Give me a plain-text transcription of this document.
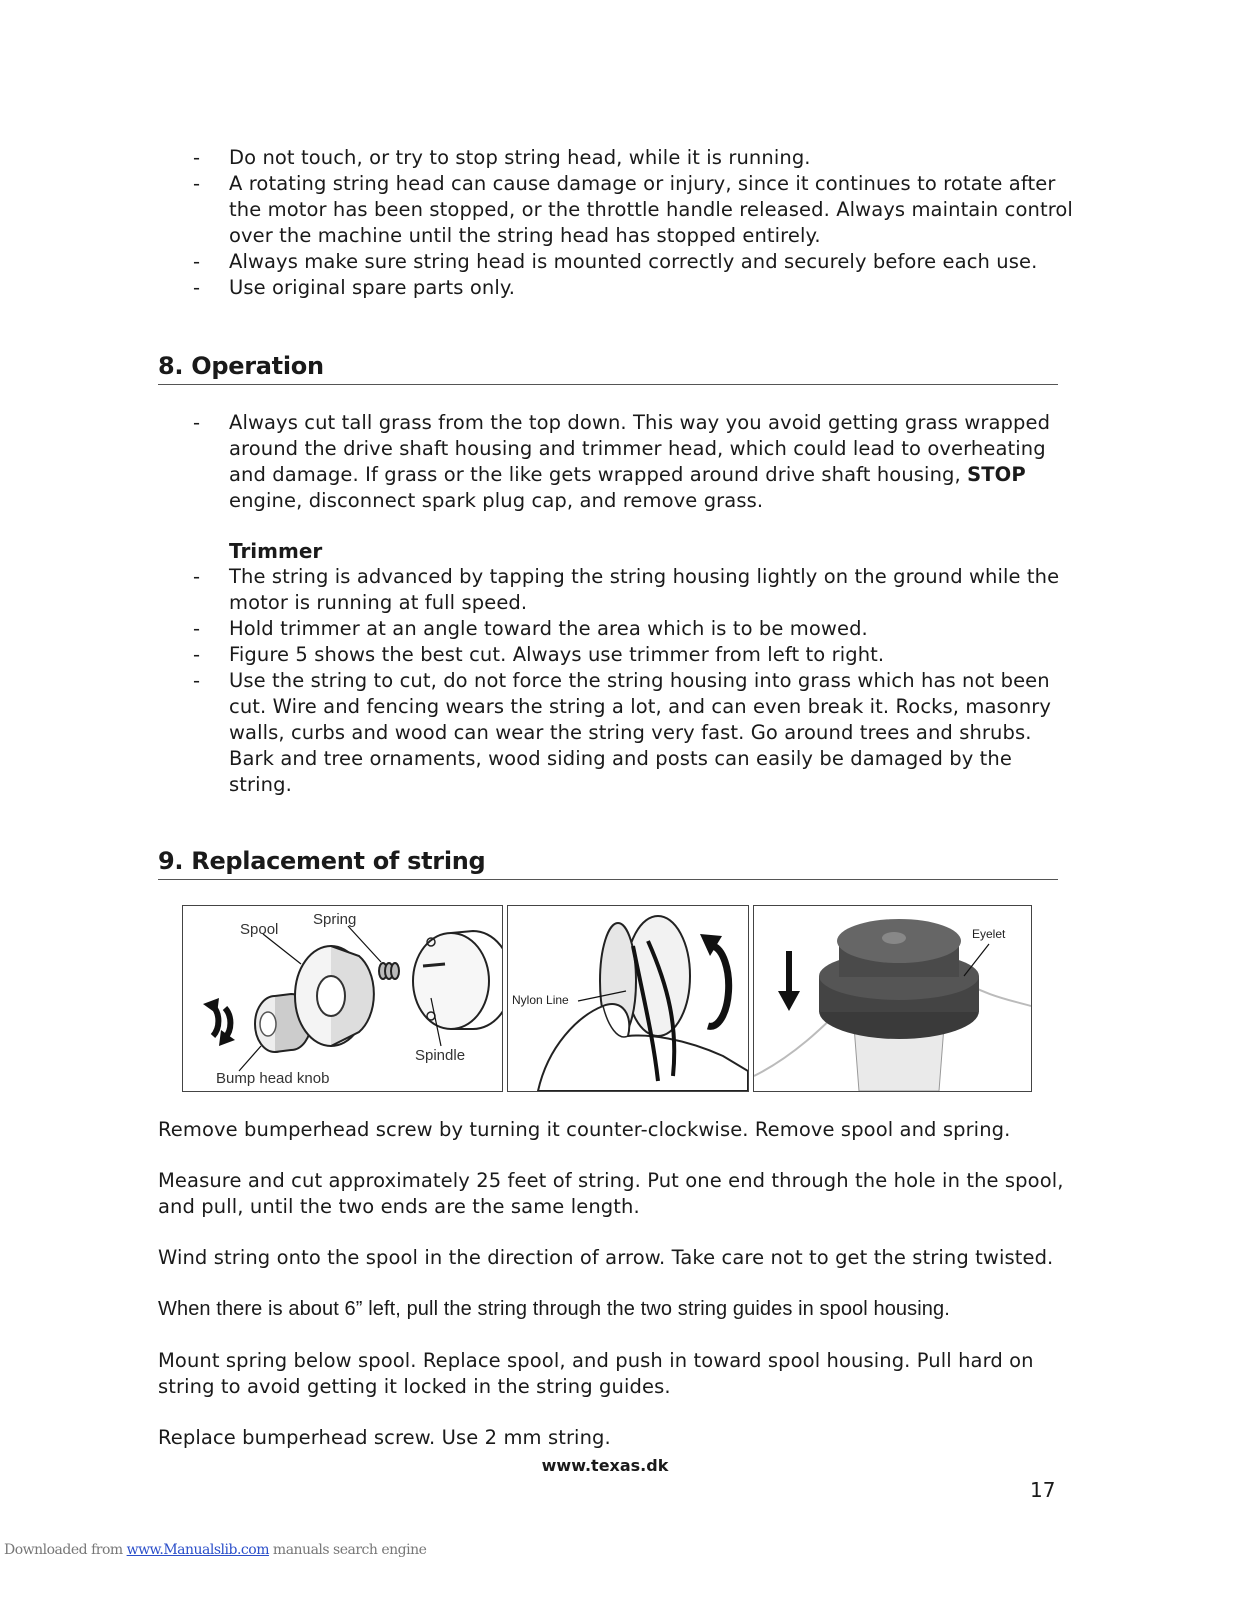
- Do not touch, or try to stop string head, while it is running.
- A rotating string head can cause damage or injury, since it continues to rotate after the motor has been stopped, or the throttle handle released. Always maintain control over the machine until the string head has stopped entirely.
- Always make sure string head is mounted correctly and securely before each use.
- Use original spare parts only.
8. Operation
- Always cut tall grass from the top down. This way you avoid getting grass wrapped around the drive shaft housing and trimmer head, which could lead to overheating and damage. If grass or the like gets wrapped around drive shaft housing, STOP engine, disconnect spark plug cap, and remove grass.
Trimmer
- The string is advanced by tapping the string housing lightly on the ground while the motor is running at full speed.
- Hold trimmer at an angle toward the area which is to be mowed.
- Figure 5 shows the best cut. Always use trimmer from left to right.
- Use the string to cut, do not force the string housing into grass which has not been cut. Wire and fencing wears the string a lot, and can even break it. Rocks, masonry walls, curbs and wood can wear the string very fast. Go around trees and shrubs. Bark and tree ornaments, wood siding and posts can easily be damaged by the string.
9. Replacement of string
Spool
Spring
Spindle
Bump head knob
Nylon Line
Eyelet

Remove bumperhead screw by turning it counter-clockwise. Remove spool and spring.

Measure and cut approximately 25 feet of string. Put one end through the hole in the spool, and pull, until the two ends are the same length.

Wind string onto the spool in the direction of arrow. Take care not to get the string twisted.

When there is about 6” left, pull the string through the two string guides in spool housing.

Mount spring below spool. Replace spool, and push in toward spool housing. Pull hard on string to avoid getting it locked in the string guides.

Replace bumperhead screw. Use 2 mm string.

www.texas.dk
17
Downloaded from www.Manualslib.com manuals search engine
